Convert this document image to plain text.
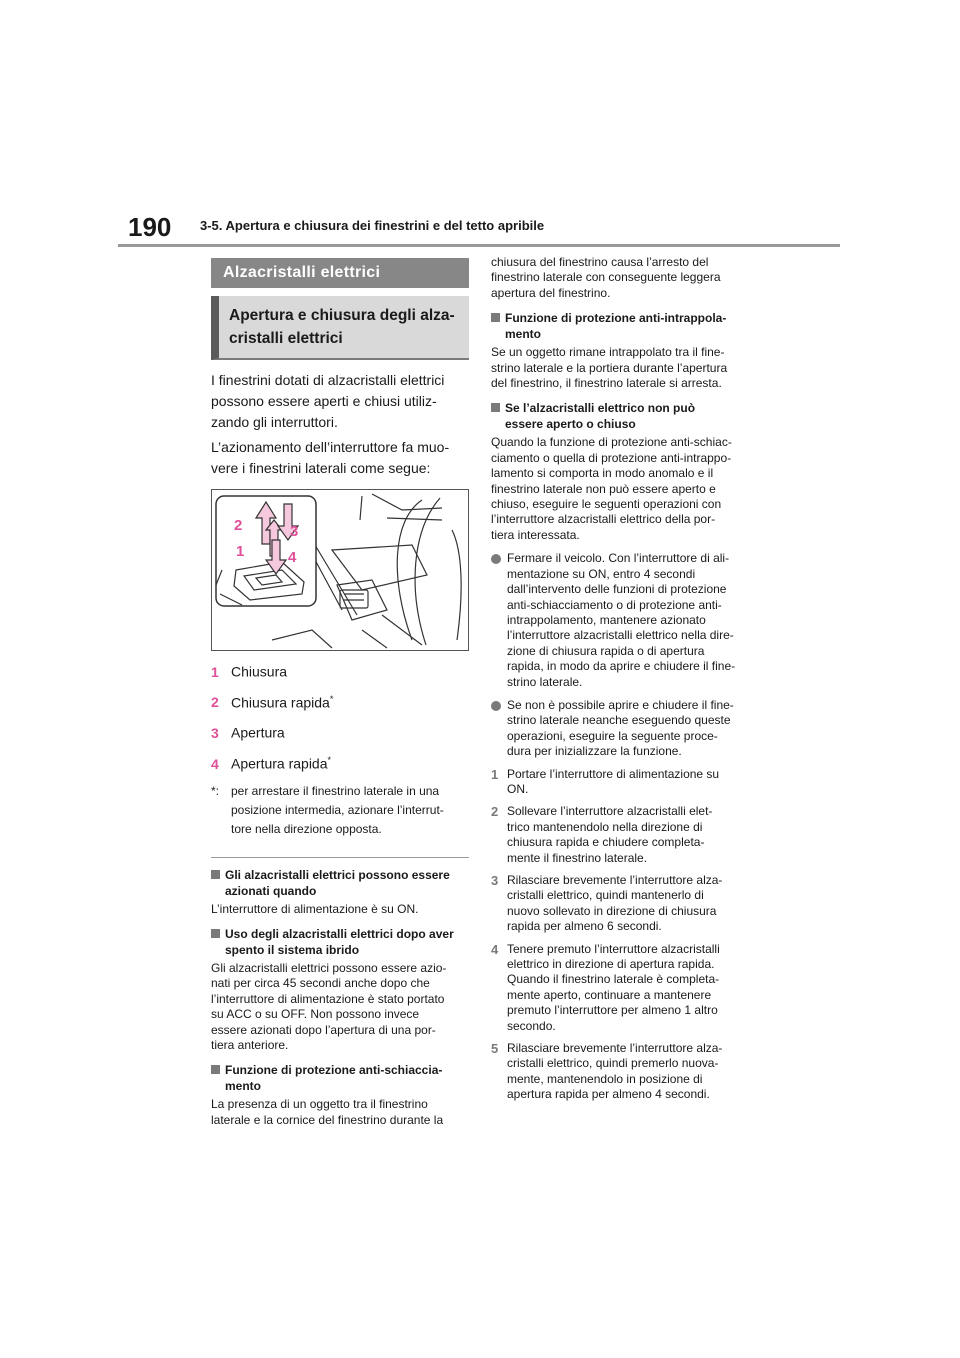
190 3-5. Apertura e chiusura dei finestrini e del tetto apribile
Alzacristalli elettrici
Apertura e chiusura degli alza-
cristalli elettrici

I finestrini dotati di alzacristalli elettrici
possono essere aperti e chiusi utiliz-
zando gli interruttori.

L’azionamento dell’interruttore fa muo-
vere i finestrini laterali come segue:

2
1
3
4
1 Chiusura
2 Chiusura rapida*
3 Apertura
4 Apertura rapida*
*: per arrestare il finestrino laterale in una
posizione intermedia, azionare l’interrut-
tore nella direzione opposta.
Gli alzacristalli elettrici possono essere
azionati quando

L’interruttore di alimentazione è su ON.

Uso degli alzacristalli elettrici dopo aver
spento il sistema ibrido

Gli alzacristalli elettrici possono essere azio-

nati per circa 45 secondi anche dopo che

l’interruttore di alimentazione è stato portato

su ACC o su OFF. Non possono invece

essere azionati dopo l’apertura di una por-

tiera anteriore.

Funzione di protezione anti-schiaccia-
mento

La presenza di un oggetto tra il finestrino

laterale e la cornice del finestrino durante la

chiusura del finestrino causa l’arresto del

finestrino laterale con conseguente leggera

apertura del finestrino.

Funzione di protezione anti-intrappola-
mento

Se un oggetto rimane intrappolato tra il fine-

strino laterale e la portiera durante l’apertura

del finestrino, il finestrino laterale si arresta.

Se l’alzacristalli elettrico non può
essere aperto o chiuso

Quando la funzione di protezione anti-schiac-

ciamento o quella di protezione anti-intrappo-

lamento si comporta in modo anomalo e il

finestrino laterale non può essere aperto e

chiuso, eseguire le seguenti operazioni con

l’interruttore alzacristalli elettrico della por-

tiera interessata.

Fermare il veicolo. Con l’interruttore di ali-
mentazione su ON, entro 4 secondi
dall’intervento delle funzioni di protezione
anti-schiacciamento o di protezione anti-
intrappolamento, mantenere azionato
l’interruttore alzacristalli elettrico nella dire-
zione di chiusura rapida o di apertura
rapida, in modo da aprire e chiudere il fine-
strino laterale.
Se non è possibile aprire e chiudere il fine-
strino laterale neanche eseguendo queste
operazioni, eseguire la seguente proce-
dura per inizializzare la funzione.
1 Portare l’interruttore di alimentazione su
ON.
2 Sollevare l’interruttore alzacristalli elet-
trico mantenendolo nella direzione di
chiusura rapida e chiudere completa-
mente il finestrino laterale.
3 Rilasciare brevemente l’interruttore alza-
cristalli elettrico, quindi mantenerlo di
nuovo sollevato in direzione di chiusura
rapida per almeno 6 secondi.
4 Tenere premuto l’interruttore alzacristalli
elettrico in direzione di apertura rapida.
Quando il finestrino laterale è completa-
mente aperto, continuare a mantenere
premuto l’interruttore per almeno 1 altro
secondo.
5 Rilasciare brevemente l’interruttore alza-
cristalli elettrico, quindi premerlo nuova-
mente, mantenendolo in posizione di
apertura rapida per almeno 4 secondi.
